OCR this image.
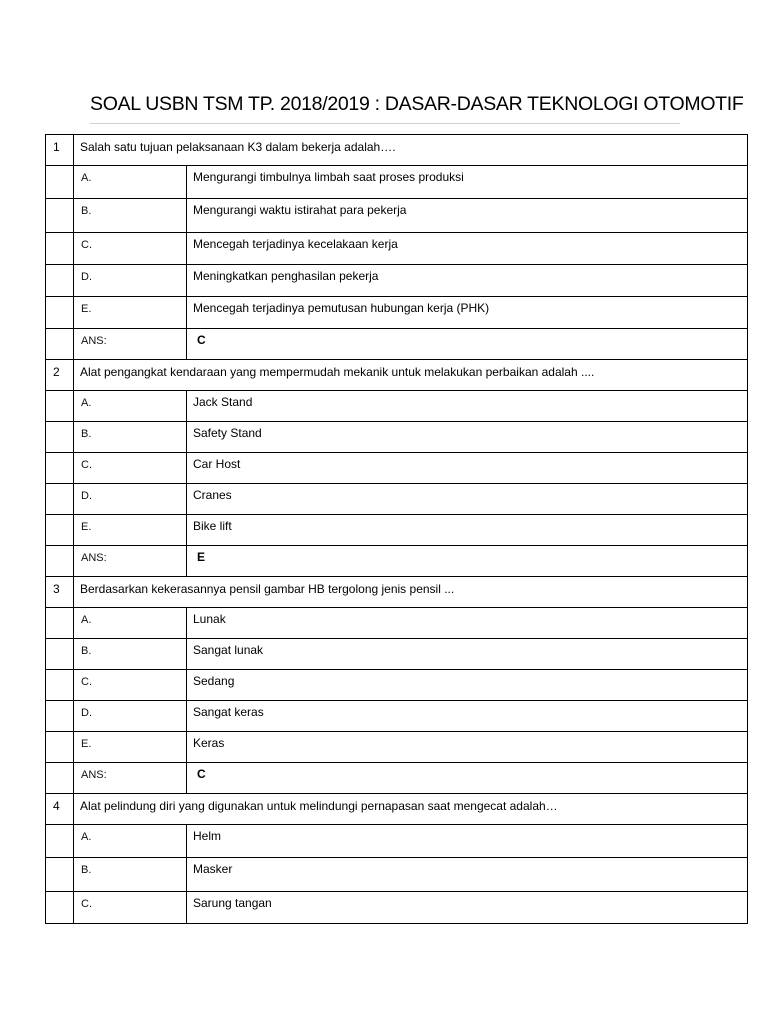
SOAL USBN TSM TP. 2018/2019 : DASAR-DASAR TEKNOLOGI OTOMOTIF
1	Salah satu tujuan pelaksanaan K3 dalam bekerja adalah….	
	A.	Mengurangi timbulnya limbah saat proses produksi
	B.	Mengurangi waktu istirahat para pekerja
	C.	Mencegah terjadinya kecelakaan kerja
	D.	Meningkatkan penghasilan pekerja
	E.	Mencegah terjadinya pemutusan hubungan kerja (PHK)
	ANS:	C
2	Alat pengangkat kendaraan yang mempermudah mekanik untuk melakukan perbaikan adalah ....	
	A.	Jack Stand
	B.	Safety Stand
	C.	Car Host
	D.	Cranes
	E.	Bike lift
	ANS:	E
3	Berdasarkan kekerasannya pensil gambar HB tergolong jenis pensil ...	
	A.	Lunak
	B.	Sangat lunak
	C.	Sedang
	D.	Sangat keras
	E.	Keras
	ANS:	C
4	Alat pelindung diri yang digunakan untuk melindungi pernapasan saat mengecat adalah…	
	A.	Helm
	B.	Masker
	C.	Sarung tangan
